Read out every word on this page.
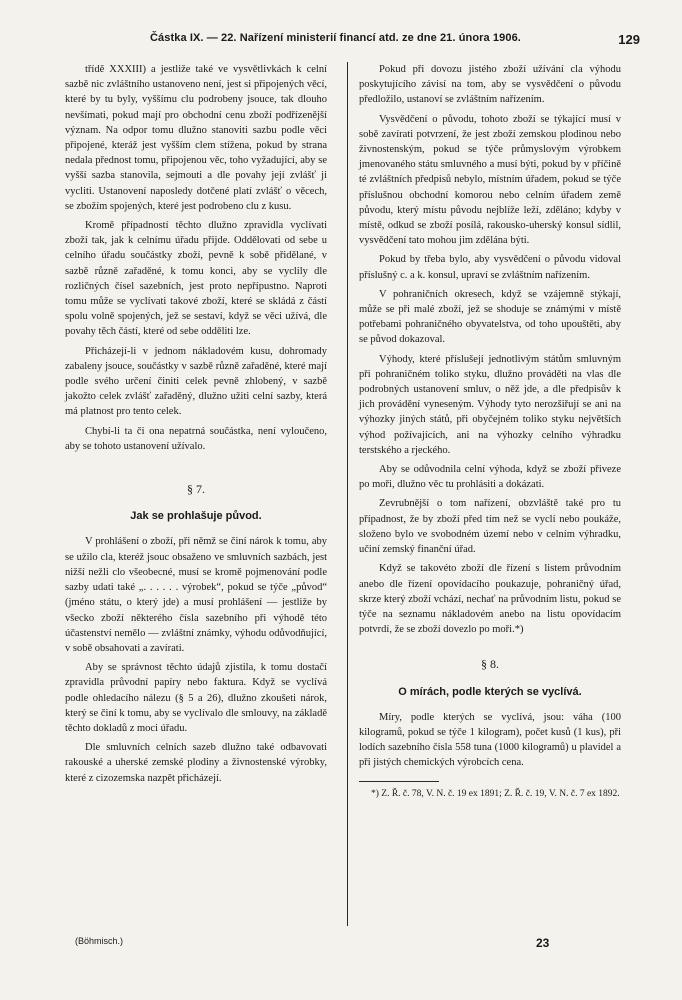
Částka IX. — 22. Nařízení ministerií financí atd. ze dne 21. února 1906.	129

třídě XXXIII) a jestliže také ve vysvětlivkách k celní sazbě nic zvláštního ustanoveno není, jest si připojených věcí, které by tu byly, vyššímu clu podrobeny jsouce, tak dlouho nevšímati, pokud mají pro obchodní cenu zboží podřízenější význam. Na odpor tomu dlužno stanoviti sazbu podle věci připojené, kteráž jest vyšším clem stížena, pokud by strana nedala přednost tomu, připojenou věc, toho vyžadující, aby se vyšší sazba stanovila, sejmouti a dle povahy její zvlášť ji vycliti. Ustanovení naposledy dotčené platí zvlášť o věcech, se zbožím spojených, které jest podrobeno clu z kusu.

Kromě případností těchto dlužno zpravidla vyclívati zboží tak, jak k celnímu úřadu přijde. Oddělovati od sebe u celního úřadu součástky zboží, pevně k sobě přidělané, v sazbě různě zařaděné, k tomu konci, aby se vyclily dle rozličných čísel sazebních, jest proto nepřípustno. Naproti tomu může se vyclívati takové zboží, které se skládá z částí spolu volně spojených, jež se sestaví, když se věci užívá, dle povahy těch částí, které od sebe odděliti lze.

Přicházejí-li v jednom nákladovém kusu, dohromady zabaleny jsouce, součástky v sazbě různě zařaděné, které mají podle svého určení činiti celek pevně zhlobený, v sazbě jakožto celek zvlášť zařaděný, dlužno užiti celní sazby, která má platnost pro tento celek.

Chybí-li ta či ona nepatrná součástka, není vyloučeno, aby se tohoto ustanovení užívalo.

§ 7.
Jak se prohlašuje původ.

V prohlášení o zboží, při němž se činí nárok k tomu, aby se užilo cla, kteréž jsouc obsaženo ve smluvních sazbách, jest nižší nežli clo všeobecné, musí se kromě pojmenování podle sazby udati také „. . . . . . výrobek“, pokud se týče „původ“ (jméno státu, o který jde) a musí prohlášení — jestliže by všecko zboží některého čísla sazebního při výhodě této účastenství nemělo — zvláštní známky, výhodu odůvodňující, v sobě obsahovati a zavírati.

Aby se správnost těchto údajů zjistila, k tomu dostačí zpravidla průvodní papíry nebo faktura. Když se vyclívá podle ohledacího nálezu (§ 5 a 26), dlužno zkoušeti nárok, který se činí k tomu, aby se vyclívalo dle smlouvy, na základě těchto dokladů z moci úřadu.

Dle smluvních celních sazeb dlužno také odbavovati rakouské a uherské zemské plodiny a živnostenské výrobky, které z cizozemska nazpět přicházejí.

Pokud při dovozu jistého zboží užívání cla výhodu poskytujícího závisí na tom, aby se vysvědčení o původu předložilo, ustanoví se zvláštním nařízením.

Vysvědčení o původu, tohoto zboží se týkající musí v sobě zavírati potvrzení, že jest zboží zemskou plodinou nebo živnostenským, pokud se týče průmyslovým výrobkem jmenovaného státu smluvného a musí býti, pokud by v příčině té zvláštních předpisů nebylo, místním úřadem, pokud se týče příslušnou obchodní komorou nebo celním úřadem země původu, který místu původu nejblíže leží, zděláno; kdyby v místě, odkud se zboží posílá, rakousko-uherský konsul sídlil, vysvědčení tato mohou jim zdělána býti.

Pokud by třeba bylo, aby vysvědčení o původu vidoval příslušný c. a k. konsul, upraví se zvláštním nařízením.

V pohraničních okresech, když se vzájemně stýkají, může se při malé zboží, jež se shoduje se známými v místě potřebami pohraničného obyvatelstva, od toho upouštěti, aby se původ dokazoval.

Výhody, které příslušejí jednotlivým státům smluvným při pohraničném toliko styku, dlužno prováděti na vlas dle podrobných ustanovení smluv, o něž jde, a dle předpisův k jich provádění vyneseným. Výhody tyto nerozšiřují se ani na výhozky jiných států, při obyčejném toliko styku největších výhod požívajících, ani na výhozky celního výhradku terstského a rjeckého.

Aby se odůvodnila celní výhoda, když se zboží přiveze po moři, dlužno věc tu prohlásiti a dokázati.

Zevrubnější o tom nařízení, obzvláště také pro tu případnost, že by zboží před tím než se vyclí nebo poukáže, složeno bylo ve svobodném území nebo v celním výhradku, učiní zemský finanční úřad.

Když se takovéto zboží dle řízení s listem průvodním anebo dle řízení opovídacího poukazuje, pohraničný úřad, skrze který zboží vchází, nechať na průvodním listu, pokud se týče na seznamu nákladovém anebo na listu opovídacím potvrdí, že se zboží dovezlo po moři.*)

§ 8.
O mírách, podle kterých se vyclívá.

Míry, podle kterých se vyclívá, jsou: váha (100 kilogramů, pokud se týče 1 kilogram), počet kusů (1 kus), při lodích sazebního čísla 558 tuna (1000 kilogramů) u plavidel a při jistých chemických výrobcích cena.

*) Z. Ř. č. 78, V. N. č. 19 ex 1891; Z. Ř. č. 19, V. N. č. 7 ex 1892.

(Böhmisch.)	23
